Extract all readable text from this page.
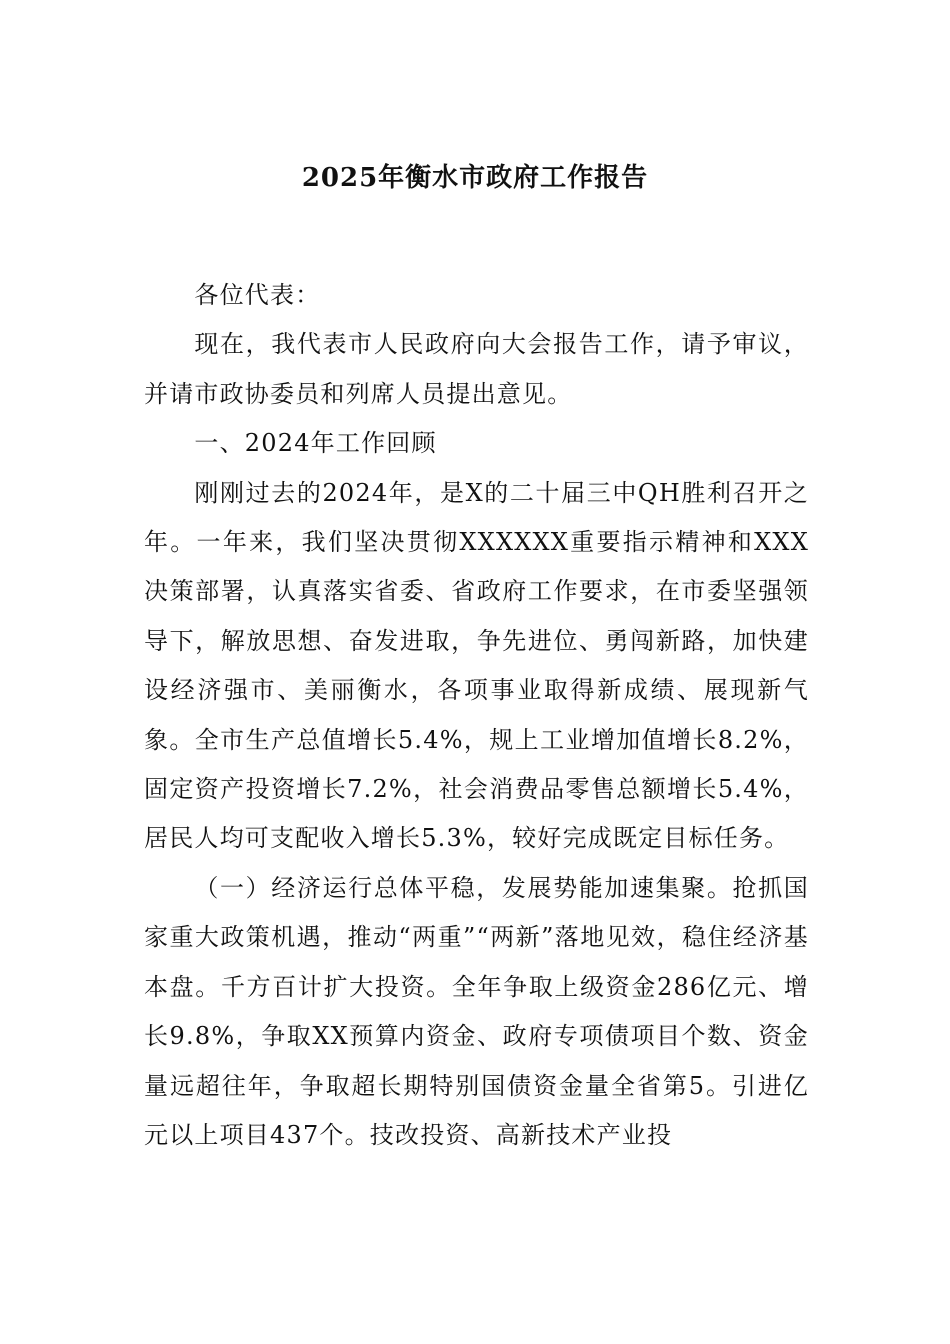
2025年衡水市政府工作报告

各位代表：

现在，我代表市人民政府向大会报告工作，请予审议，并请市政协委员和列席人员提出意见。

一、2024年工作回顾

刚刚过去的2024年，是X的二十届三中QH胜利召开之年。一年来，我们坚决贯彻XXXXXX重要指示精神和XXX决策部署，认真落实省委、省政府工作要求，在市委坚强领导下，解放思想、奋发进取，争先进位、勇闯新路，加快建设经济强市、美丽衡水，各项事业取得新成绩、展现新气象。全市生产总值增长5.4%，规上工业增加值增长8.2%，固定资产投资增长7.2%，社会消费品零售总额增长5.4%，居民人均可支配收入增长5.3%，较好完成既定目标任务。

（一）经济运行总体平稳，发展势能加速集聚。抢抓国家重大政策机遇，推动“两重”“两新”落地见效，稳住经济基本盘。千方百计扩大投资。全年争取上级资金286亿元、增长9.8%，争取XX预算内资金、政府专项债项目个数、资金量远超往年，争取超长期特别国债资金量全省第5。引进亿元以上项目437个。技改投资、高新技术产业投
